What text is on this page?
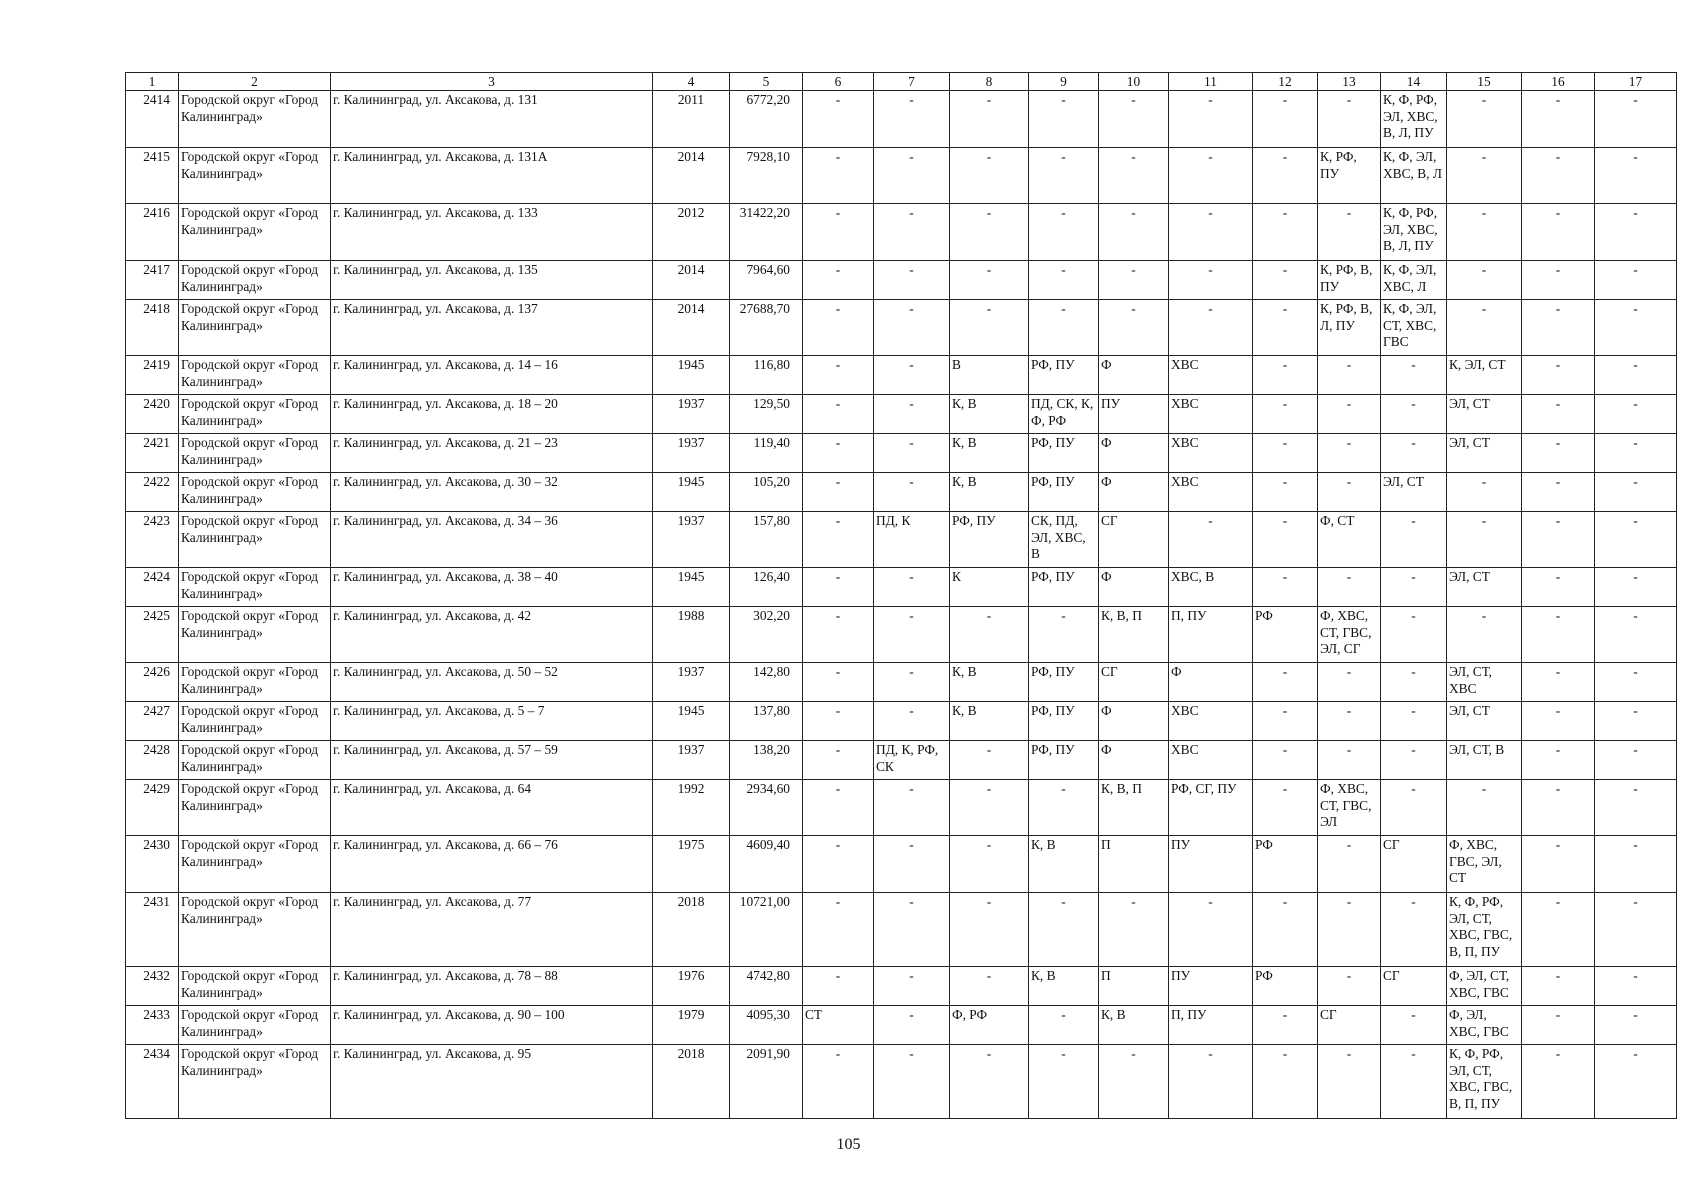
1	2	3	4	5	6	7	8	9	10	11	12	13	14	15	16	17
2414	Городской округ «Город Калининград»	г. Калининград, ул. Аксакова, д. 131	2011	6772,20	-	-	-	-	-	-	-	-	К, Ф, РФ, ЭЛ, ХВС, В, Л, ПУ	-	-	-
2415	Городской округ «Город Калининград»	г. Калининград, ул. Аксакова, д. 131А	2014	7928,10	-	-	-	-	-	-	-	К, РФ, ПУ	К, Ф, ЭЛ, ХВС, В, Л	-	-	-
2416	Городской округ «Город Калининград»	г. Калининград, ул. Аксакова, д. 133	2012	31422,20	-	-	-	-	-	-	-	-	К, Ф, РФ, ЭЛ, ХВС, В, Л, ПУ	-	-	-
2417	Городской округ «Город Калининград»	г. Калининград, ул. Аксакова, д. 135	2014	7964,60	-	-	-	-	-	-	-	К, РФ, В, ПУ	К, Ф, ЭЛ, ХВС, Л	-	-	-
2418	Городской округ «Город Калининград»	г. Калининград, ул. Аксакова, д. 137	2014	27688,70	-	-	-	-	-	-	-	К, РФ, В, Л, ПУ	К, Ф, ЭЛ, СТ, ХВС, ГВС	-	-	-
2419	Городской округ «Город Калининград»	г. Калининград, ул. Аксакова, д. 14 – 16	1945	116,80	-	-	В	РФ, ПУ	Ф	ХВС	-	-	-	К, ЭЛ, СТ	-	-
2420	Городской округ «Город Калининград»	г. Калининград, ул. Аксакова, д. 18 – 20	1937	129,50	-	-	К, В	ПД, СК, К, Ф, РФ	ПУ	ХВС	-	-	-	ЭЛ, СТ	-	-
2421	Городской округ «Город Калининград»	г. Калининград, ул. Аксакова, д. 21 – 23	1937	119,40	-	-	К, В	РФ, ПУ	Ф	ХВС	-	-	-	ЭЛ, СТ	-	-
2422	Городской округ «Город Калининград»	г. Калининград, ул. Аксакова, д. 30 – 32	1945	105,20	-	-	К, В	РФ, ПУ	Ф	ХВС	-	-	ЭЛ, СТ	-	-	-
2423	Городской округ «Город Калининград»	г. Калининград, ул. Аксакова, д. 34 – 36	1937	157,80	-	ПД, К	РФ, ПУ	СК, ПД, ЭЛ, ХВС, В	СГ	-	-	Ф, СТ	-	-	-	-
2424	Городской округ «Город Калининград»	г. Калининград, ул. Аксакова, д. 38 – 40	1945	126,40	-	-	К	РФ, ПУ	Ф	ХВС, В	-	-	-	ЭЛ, СТ	-	-
2425	Городской округ «Город Калининград»	г. Калининград, ул. Аксакова, д. 42	1988	302,20	-	-	-	-	К, В, П	П, ПУ	РФ	Ф, ХВС, СТ, ГВС, ЭЛ, СГ	-	-	-	-
2426	Городской округ «Город Калининград»	г. Калининград, ул. Аксакова, д. 50 – 52	1937	142,80	-	-	К, В	РФ, ПУ	СГ	Ф	-	-	-	ЭЛ, СТ, ХВС	-	-
2427	Городской округ «Город Калининград»	г. Калининград, ул. Аксакова, д. 5 – 7	1945	137,80	-	-	К, В	РФ, ПУ	Ф	ХВС	-	-	-	ЭЛ, СТ	-	-
2428	Городской округ «Город Калининград»	г. Калининград, ул. Аксакова, д. 57 – 59	1937	138,20	-	ПД, К, РФ, СК	-	РФ, ПУ	Ф	ХВС	-	-	-	ЭЛ, СТ, В	-	-
2429	Городской округ «Город Калининград»	г. Калининград, ул. Аксакова, д. 64	1992	2934,60	-	-	-	-	К, В, П	РФ, СГ, ПУ	-	Ф, ХВС, СТ, ГВС, ЭЛ	-	-	-	-
2430	Городской округ «Город Калининград»	г. Калининград, ул. Аксакова, д. 66 – 76	1975	4609,40	-	-	-	К, В	П	ПУ	РФ	-	СГ	Ф, ХВС, ГВС, ЭЛ, СТ	-	-
2431	Городской округ «Город Калининград»	г. Калининград, ул. Аксакова, д. 77	2018	10721,00	-	-	-	-	-	-	-	-	-	К, Ф, РФ, ЭЛ, СТ, ХВС, ГВС, В, П, ПУ	-	-
2432	Городской округ «Город Калининград»	г. Калининград, ул. Аксакова, д. 78 – 88	1976	4742,80	-	-	-	К, В	П	ПУ	РФ	-	СГ	Ф, ЭЛ, СТ, ХВС, ГВС	-	-
2433	Городской округ «Город Калининград»	г. Калининград, ул. Аксакова, д. 90 – 100	1979	4095,30	СТ	-	Ф, РФ	-	К, В	П, ПУ	-	СГ	-	Ф, ЭЛ, ХВС, ГВС	-	-
2434	Городской округ «Город Калининград»	г. Калининград, ул. Аксакова, д. 95	2018	2091,90	-	-	-	-	-	-	-	-	-	К, Ф, РФ, ЭЛ, СТ, ХВС, ГВС, В, П, ПУ	-	-
105
